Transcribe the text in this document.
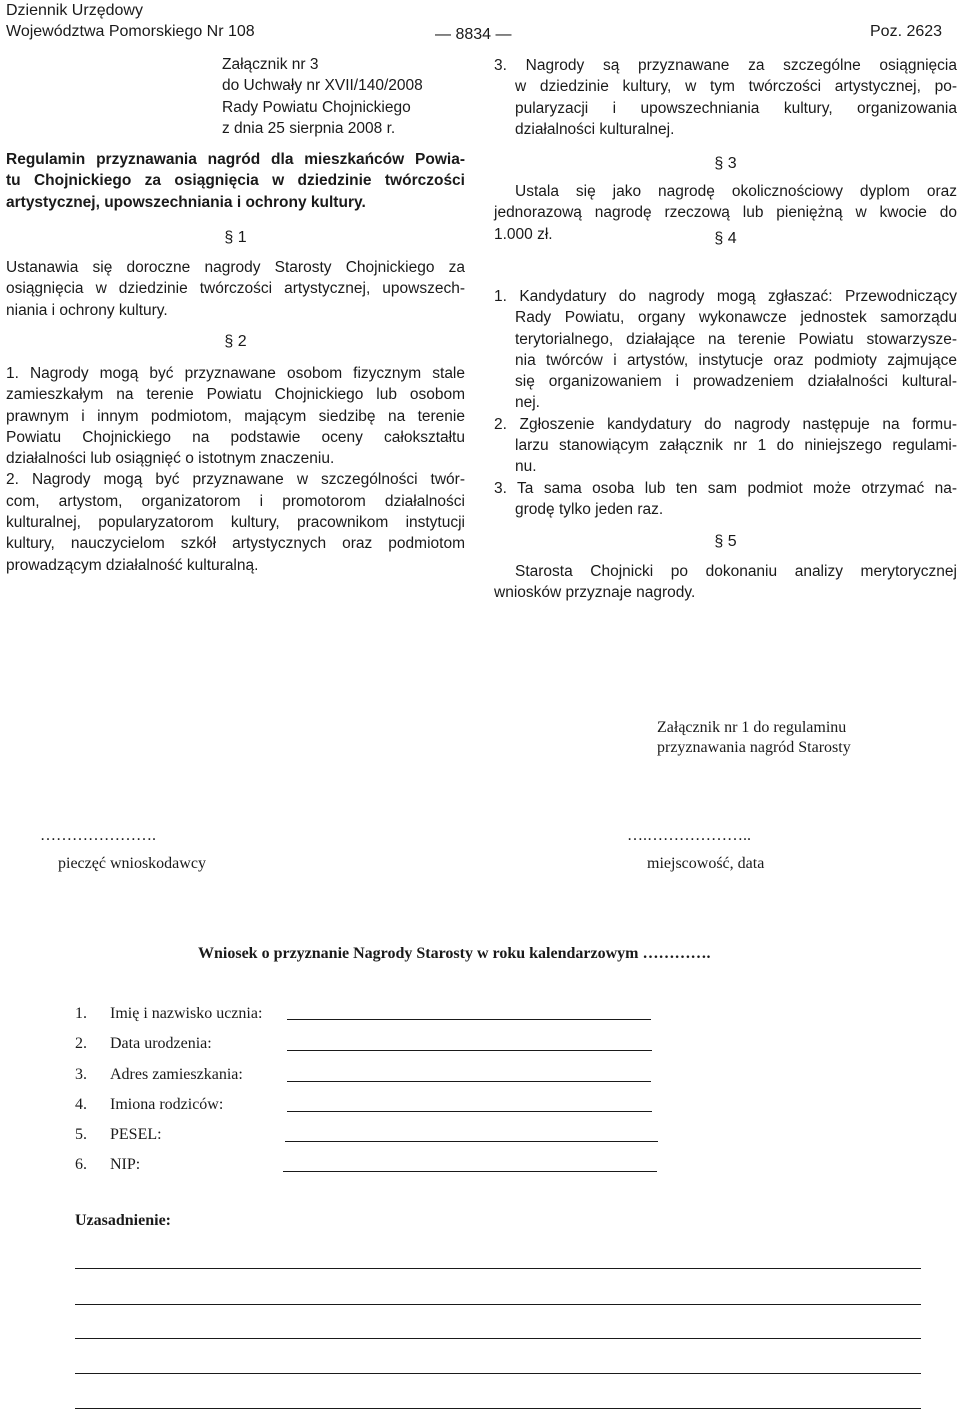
Dziennik Urzędowy
Województwa Pomorskiego Nr 108	— 8834 —	Poz. 2623
Załącznik nr 3
do Uchwały nr XVII/140/2008
Rady Powiatu Chojnickiego
z dnia 25 sierpnia 2008 r.
Regulamin przyznawania nagród dla mieszkańców Powia-
tu Chojnickiego za osiągnięcia w dziedzinie twórczości
artystycznej, upowszechniania i ochrony kultury.
§ 1
Ustanawia się doroczne nagrody Starosty Chojnickiego za
osiągnięcia w dziedzinie twórczości artystycznej, upowszech-
niania i ochrony kultury.
§ 2
1. Nagrody mogą być przyznawane osobom fizycznym stale
zamieszkałym na terenie Powiatu Chojnickiego lub osobom
prawnym i innym podmiotom, mającym siedzibę na terenie
Powiatu Chojnickiego na podstawie oceny całokształtu
działalności lub osiągnięć o istotnym znaczeniu.
2. Nagrody mogą być przyznawane w szczególności twór-
com, artystom, organizatorom i promotorom działalności
kulturalnej, popularyzatorom kultury, pracownikom instytucji
kultury, nauczycielom szkół artystycznych oraz podmiotom
prowadzącym działalność kulturalną.
3. Nagrody są przyznawane za szczególne osiągnięcia
w dziedzinie kultury, w tym twórczości artystycznej, po-
pularyzacji i upowszechniania kultury, organizowania
działalności kulturalnej.
§ 3
Ustala się jako nagrodę okolicznościowy dyplom oraz
jednorazową nagrodę rzeczową lub pieniężną w kwocie do
1.000 zł.	§ 4
1. Kandydatury do nagrody mogą zgłaszać: Przewodniczący
Rady Powiatu, organy wykonawcze jednostek samorządu
terytorialnego, działające na terenie Powiatu stowarzysze-
nia twórców i artystów, instytucje oraz podmioty zajmujące
się organizowaniem i prowadzeniem działalności kultural-
nej.
2. Zgłoszenie kandydatury do nagrody następuje na formu-
larzu stanowiącym załącznik nr 1 do niniejszego regulami-
nu.
3. Ta sama osoba lub ten sam podmiot może otrzymać na-
grodę tylko jeden raz.
§ 5
Starosta Chojnicki po dokonaniu analizy merytorycznej
wniosków przyznaje nagrody.
Załącznik nr 1 do regulaminu
przyznawania nagród Starosty
………………….
pieczęć wnioskodawcy
….………………..
miejscowość, data
Wniosek o przyznanie Nagrody Starosty w roku kalendarzowym ………….
1.	Imię i nazwisko ucznia:
2.	Data urodzenia:
3.	Adres zamieszkania:
4.	Imiona rodziców:
5.	PESEL:
6.	NIP:
Uzasadnienie:
